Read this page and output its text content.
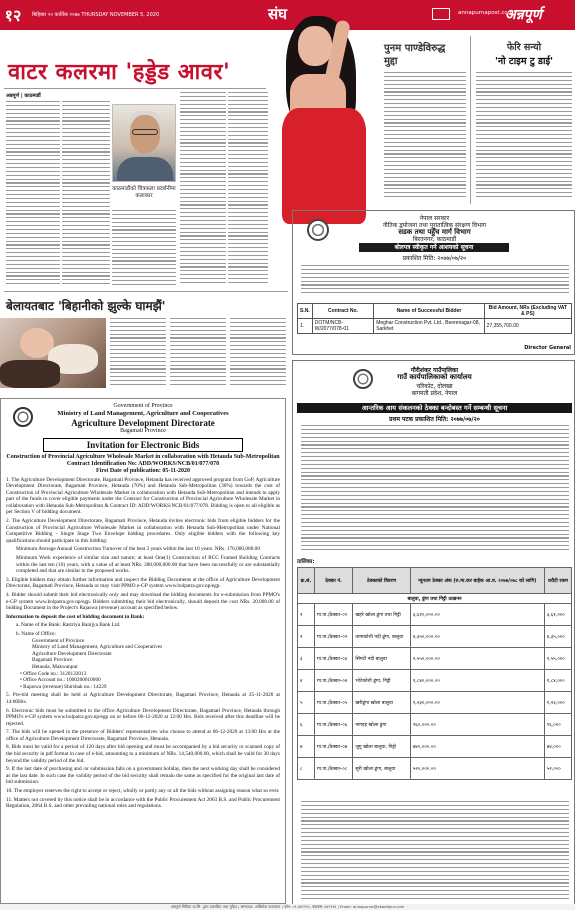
१२	बिहिबार २० कार्तिक २०७७ THURSDAY NOVEMBER 5, 2020	संघ	annapurnapost.com
अन्नपूर्ण
वाटर कलरमा 'हड्डेड आवर'
अन्नपूर्ण | काठमाडौं
काठमाडौंको चित्रकला प्रदर्शनीमा कलाकार
पुनम पाण्डेविरुद्ध मुद्दा
फेरि सन्यो
'नो टाइम टु डाई'
बेलायतबाट 'बिहानीको झुल्के घामझैं'
Government of Province
Ministry of Land Management, Agriculture and Cooperatives
Agriculture Development Directorate
Bagamati Province
Invitation for Electronic Bids
Construction of Provincial Agriculture Wholesale Market in collaboration with Hetauda Sub-Metropolitan
Contract Identification No: ADD/WORKS/NCB/01/077/078
First Date of publication: 05-11-2020
1. The Agriculture Development Directorate, Bagamati Province, Hetauda has received approved program from GoP, Agriculture Development Directorate, Bagamati Province, Hetauda (70%) and Hetauda Sub-Metropolitan (30%) towards the cost of Construction of Provincial Agriculture Wholesale Market in collaboration with Hetauda Sub-Metropolitan and intends to apply part of the funds to cover eligible payments under the Contract for Construction of Provincial Agriculture Wholesale Market in collaboration with Hetauda Sub-Metropolitan & Contract ID: ADD/WORKS/NCB/01/077/078. Bidding is open to all eligible as per Section V of bidding document.
2. The Agriculture Development Directorate, Bagamati Province, Hetauda invites electronic bids from eligible bidders for the Construction of Provincial Agriculture Wholesale Market in collaboration with Hetauda Sub-Metropolitan under National Competitive Bidding - Single Stage Two Envelope bidding procedures. Only eligible bidders with the following key qualifications should participate in this bidding:
Minimum Average Annual Construction Turnover of the best 3 years within the last 10 years. NRs. 176,000,000.00
Minimum Work experience of similar size and nature; at least One(1) Construction of RCC Framed Building Contracts within the last ten (10) years, with a value of at least NRs. 280,000,000.00 that have been successfully or are substantially completed and that are similar to the proposed works.
3. Eligible bidders may obtain further information and inspect the Bidding Documents at the office of Agriculture Development Directorate, Bagamati Province, Hetauda or may visit PPMO e-GP system www.bolpatra.gov.np/egp.
4. Bidder should submit their bid electronically only and may download the bidding documents for e-submission from PPMO's e-GP system www.bolpatra.gov.np/egp. Bidders submitting their bid electronically, should deposit the cost NRs. 20,000.00 of bidding Document in the Project's Rajaswa (revenue) account as specified below.
Information to deposit the cost of bidding document in Bank:
a. Name of the Bank: Rastriya Banijya Bank Ltd.
b. Name of Office:
Government of Province
Ministry of Land Management, Agriculture and Cooperatives
Agriculture Development Directorate
Bagamati Province
Hetauda, Makwanpur
• Office Code no.: 3120132013
• Office Account no.: 1000200010000
• Rajaswa (revenue) Shirshak no.: 14229
5. Pre-bid meeting shall be held at Agriculture Development Directorate, Bagamati Province, Hetauda at 25-11-2020 at 14:00Hrs.
6. Electronic bids must be submitted to the office Agriculture Development Directorate, Bagamati Province, Hetauda through PPMO's e-GP system www.bolpatra.gov.np/egp on or before 06-12-2020 at 12:00 Hrs. Bids received after this deadline will be rejected.
7. The bids will be opened in the presence of Bidders' representatives who choose to attend at 06-12-2020 at 13:00 Hrs at the office of Agriculture Development Directorate, Bagamati Province, Hetauda.
8. Bids must be valid for a period of 120 days after bid opening and must be accompanied by a bid security or scanned copy of the bid security in pdf format in case of e-bid, amounting to a minimum of NRs. 14,540,000.00, which shall be valid for 30 days beyond the validity period of the bid.
9. If the last date of purchasing and /or submission falls on a government holiday, then the next working day shall be considered as the last date. In such case the validity period of the bid security shall remain the same as specified for the original last date of bid submission.
10. The employer reserves the right to accept or reject, wholly or partly any or all the bids without assigning reason what so ever.
11. Matters not covered by this notice shall be in accordance with the Public Procurement Act 2063 B.S. and Public Procurement Regulation, 2064 B.S. and other prevailing national rules and regulations.
नेपाल सरकार
नीतिक द्वयोजना तथा पुरातात्विक संरक्षण विभाग
सडक तथा पहुँच मार्ग विभाग
बिरतनगर, काठमाडौं
बोलपत्र स्वीकृत गर्ने आशयको सूचना
प्रकाशित मिति: २०७७/०७/२०
S.N.	Contract No.	Name of Successful Bidder	Bid Amount, NRs (Excluding VAT & PS)
1.	DOTM/NCB-W/2077/078-01	Meghar Construction Pvt. Ltd., Beerenagar-08, Sarkhet	27,355,700.00
Director General
गौरीशंकर गाउँपालिका
गाउँ कार्यपालिकाको कार्यालय
चरिकोट, दोलखा
बागमती प्रदेश, नेपाल
आन्तरिक आय संकलनको ठेक्का बन्दोबस्त गर्ने सम्बन्धी सूचना
प्रथम पटक प्रकाशित मिति: २०७७/०७/२०
तालिका:
क्र.सं.	ठेक्का नं.	ठेक्काको विवरण	न्यूनतम ठेक्का अंक (रु.मा.कर बाहेक आ.व. २०७७/०७८ को लागि)	धरौटी रकम
बालुवा, ढुंगा तथा गिट्टी उत्खनन				
१	गा.पा./ठेक्का–०१	खहरे खोला ढुंगा तथा गिट्टी	३,६१०,०००.००	३,६१,०००
२	गा.पा./ठेक्का–०२	तामाकोशी नदी ढुंगा, बालुवा	४,३५०,०००.००	४,३५,०००
३	गा.पा./ठेक्का–०३	सिंगटी नदी बालुवा	२,५५०,०००.००	२,५५,०००
४	गा.पा./ठेक्का–०४	भोटेकोशी ढुंगा, गिट्टी	१,८४०,०००.००	१,८४,०००
५	गा.पा./ठेक्का–०५	खरीढुंगा खोला बालुवा	१,२३०,०००.००	१,२३,०००
६	गा.पा./ठेक्का–०६	नागदह खोला ढुंगा	९६०,०००.००	९६,०००
७	गा.पा./ठेक्का–०७	जुगु खोला बालुवा, गिट्टी	७४०,०००.००	७४,०००
८	गा.पा./ठेक्का–०८	सुरी खोला ढुंगा, बालुवा	५२०,०००.००	५२,०००
अन्नपूर्ण मिडिया प्रा.लि. द्वारा प्रकाशित तथा मुद्रित | सम्पादक: अखिलेश उपाध्याय | फोन: ०१-४४२९९०, फ्याक्स: ४४२९९४ | Email: annapurna@ekantipur.com
